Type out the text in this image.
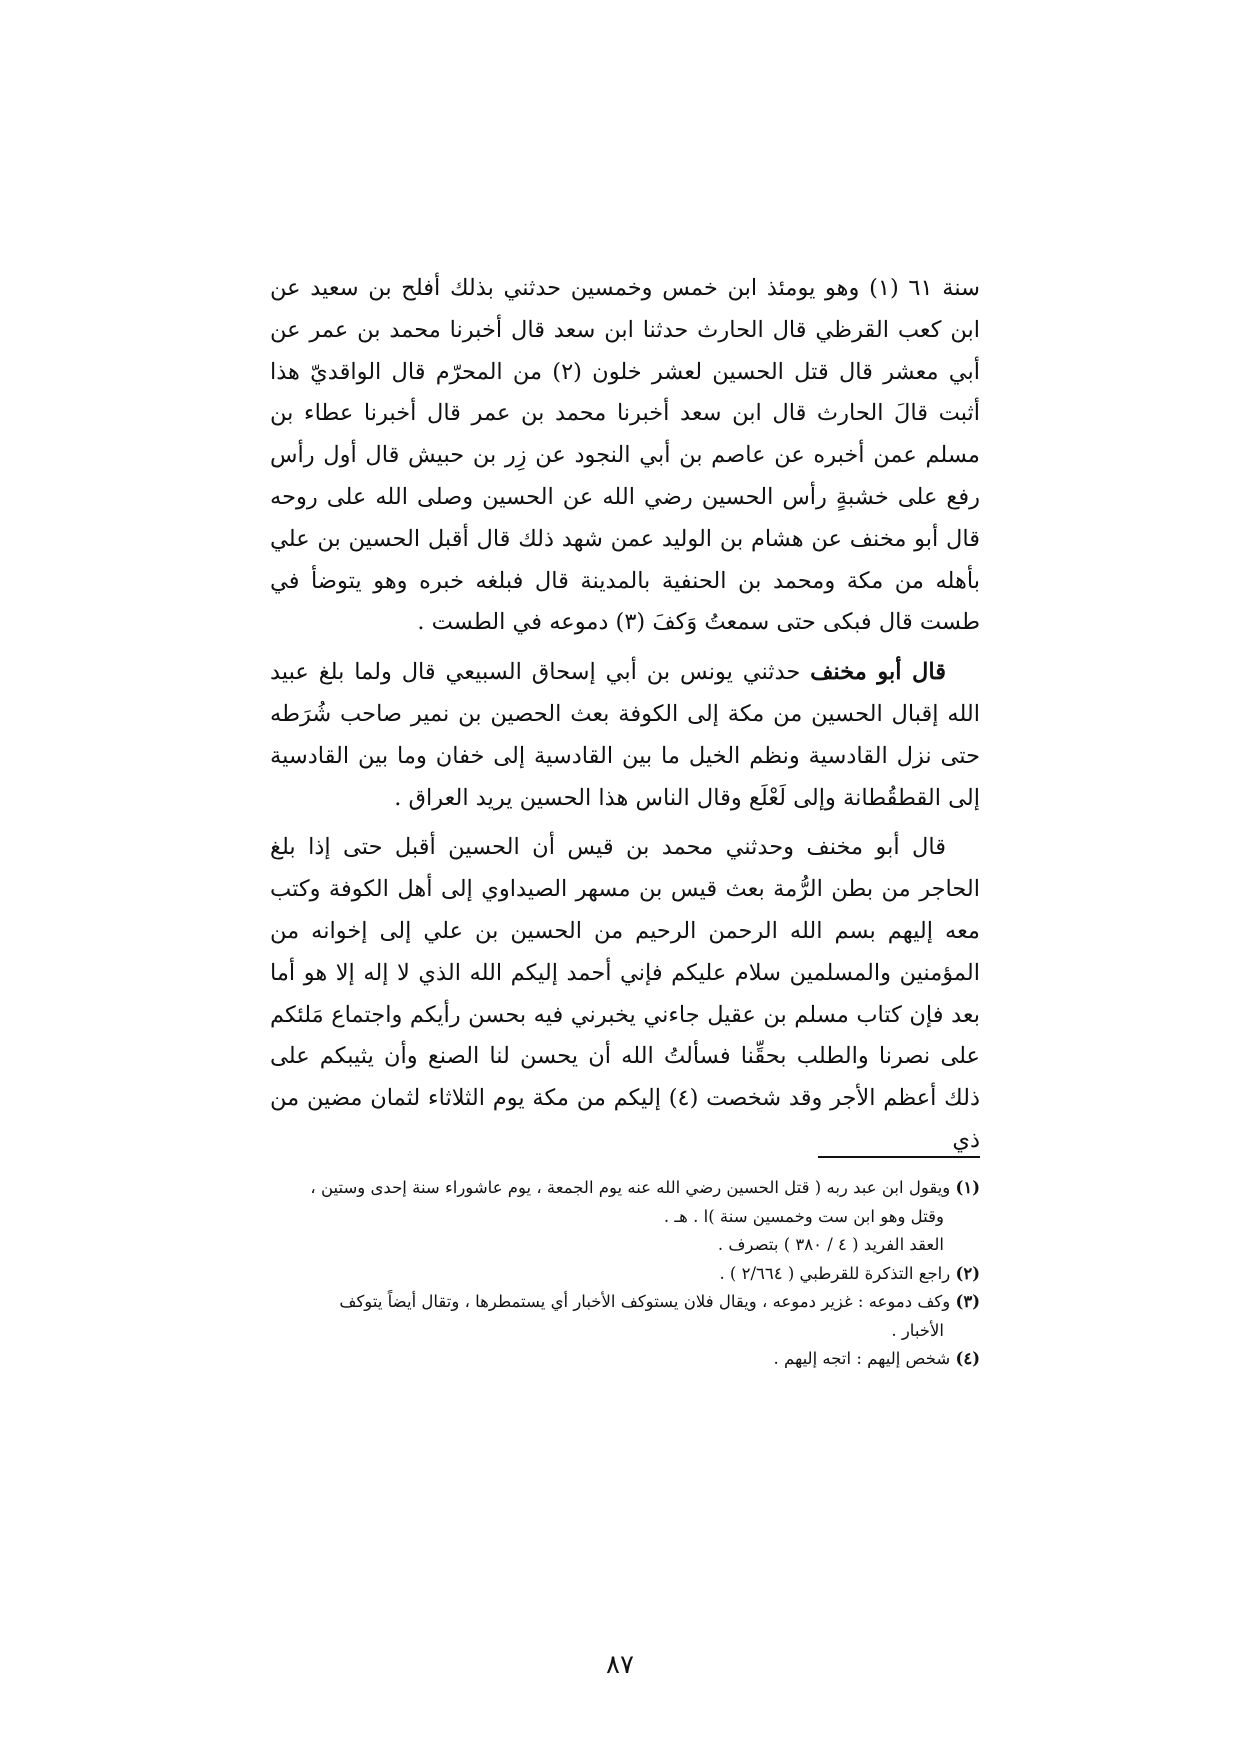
سنة ٦١ (١) وهو يومئذ ابن خمس وخمسين حدثني بذلك أفلح بن سعيد عن ابن كعب القرظي قال الحارث حدثنا ابن سعد قال أخبرنا محمد بن عمر عن أبي معشر قال قتل الحسين لعشر خلون (٢) من المحرّم قال الواقديّ هذا أثبت قالَ الحارث قال ابن سعد أخبرنا محمد بن عمر قال أخبرنا عطاء بن مسلم عمن أخبره عن عاصم بن أبي النجود عن زِر بن حبيش قال أول رأس رفع على خشبةٍ رأس الحسين رضي الله عن الحسين وصلى الله على روحه قال أبو مخنف عن هشام بن الوليد عمن شهد ذلك قال أقبل الحسين بن علي بأهله من مكة ومحمد بن الحنفية بالمدينة قال فبلغه خبره وهو يتوضأ في طست قال فبكى حتى سمعتُ وَكفَ (٣) دموعه في الطست .

قال أبو مخنف حدثني يونس بن أبي إسحاق السبيعي قال ولما بلغ عبيد الله إقبال الحسين من مكة إلى الكوفة بعث الحصين بن نمير صاحب شُرَطه حتى نزل القادسية ونظم الخيل ما بين القادسية إلى خفان وما بين القادسية إلى القطقُطانة وإلى لَعْلَع وقال الناس هذا الحسين يريد العراق .

قال أبو مخنف وحدثني محمد بن قيس أن الحسين أقبل حتى إذا بلغ الحاجر من بطن الرُّمة بعث قيس بن مسهر الصيداوي إلى أهل الكوفة وكتب معه إليهم بسم الله الرحمن الرحيم من الحسين بن علي إلى إخوانه من المؤمنين والمسلمين سلام عليكم فإني أحمد إليكم الله الذي لا إله إلا هو أما بعد فإن كتاب مسلم بن عقيل جاءني يخبرني فيه بحسن رأيكم واجتماع مَلئكم على نصرنا والطلب بحقِّنا فسألتُ الله أن يحسن لنا الصنع وأن يثيبكم على ذلك أعظم الأجر وقد شخصت (٤) إليكم من مكة يوم الثلاثاء لثمان مضين من ذي

(١) ويقول ابن عبد ربه ( قتل الحسين رضي الله عنه يوم الجمعة ، يوم عاشوراء سنة إحدى وستين ،

وقتل وهو ابن ست وخمسين سنة )ا . هـ .

العقد الفريد ( ٤ / ٣٨٠ ) بتصرف .

(٢) راجع التذكرة للقرطبي ( ٢/٦٦٤ ) .

(٣) وكف دموعه : غزير دموعه ، ويقال فلان يستوكف الأخبار أي يستمطرها ، وتقال أيضاً يتوكف

الأخبار .

(٤) شخص إليهم : اتجه إليهم .

٨٧
